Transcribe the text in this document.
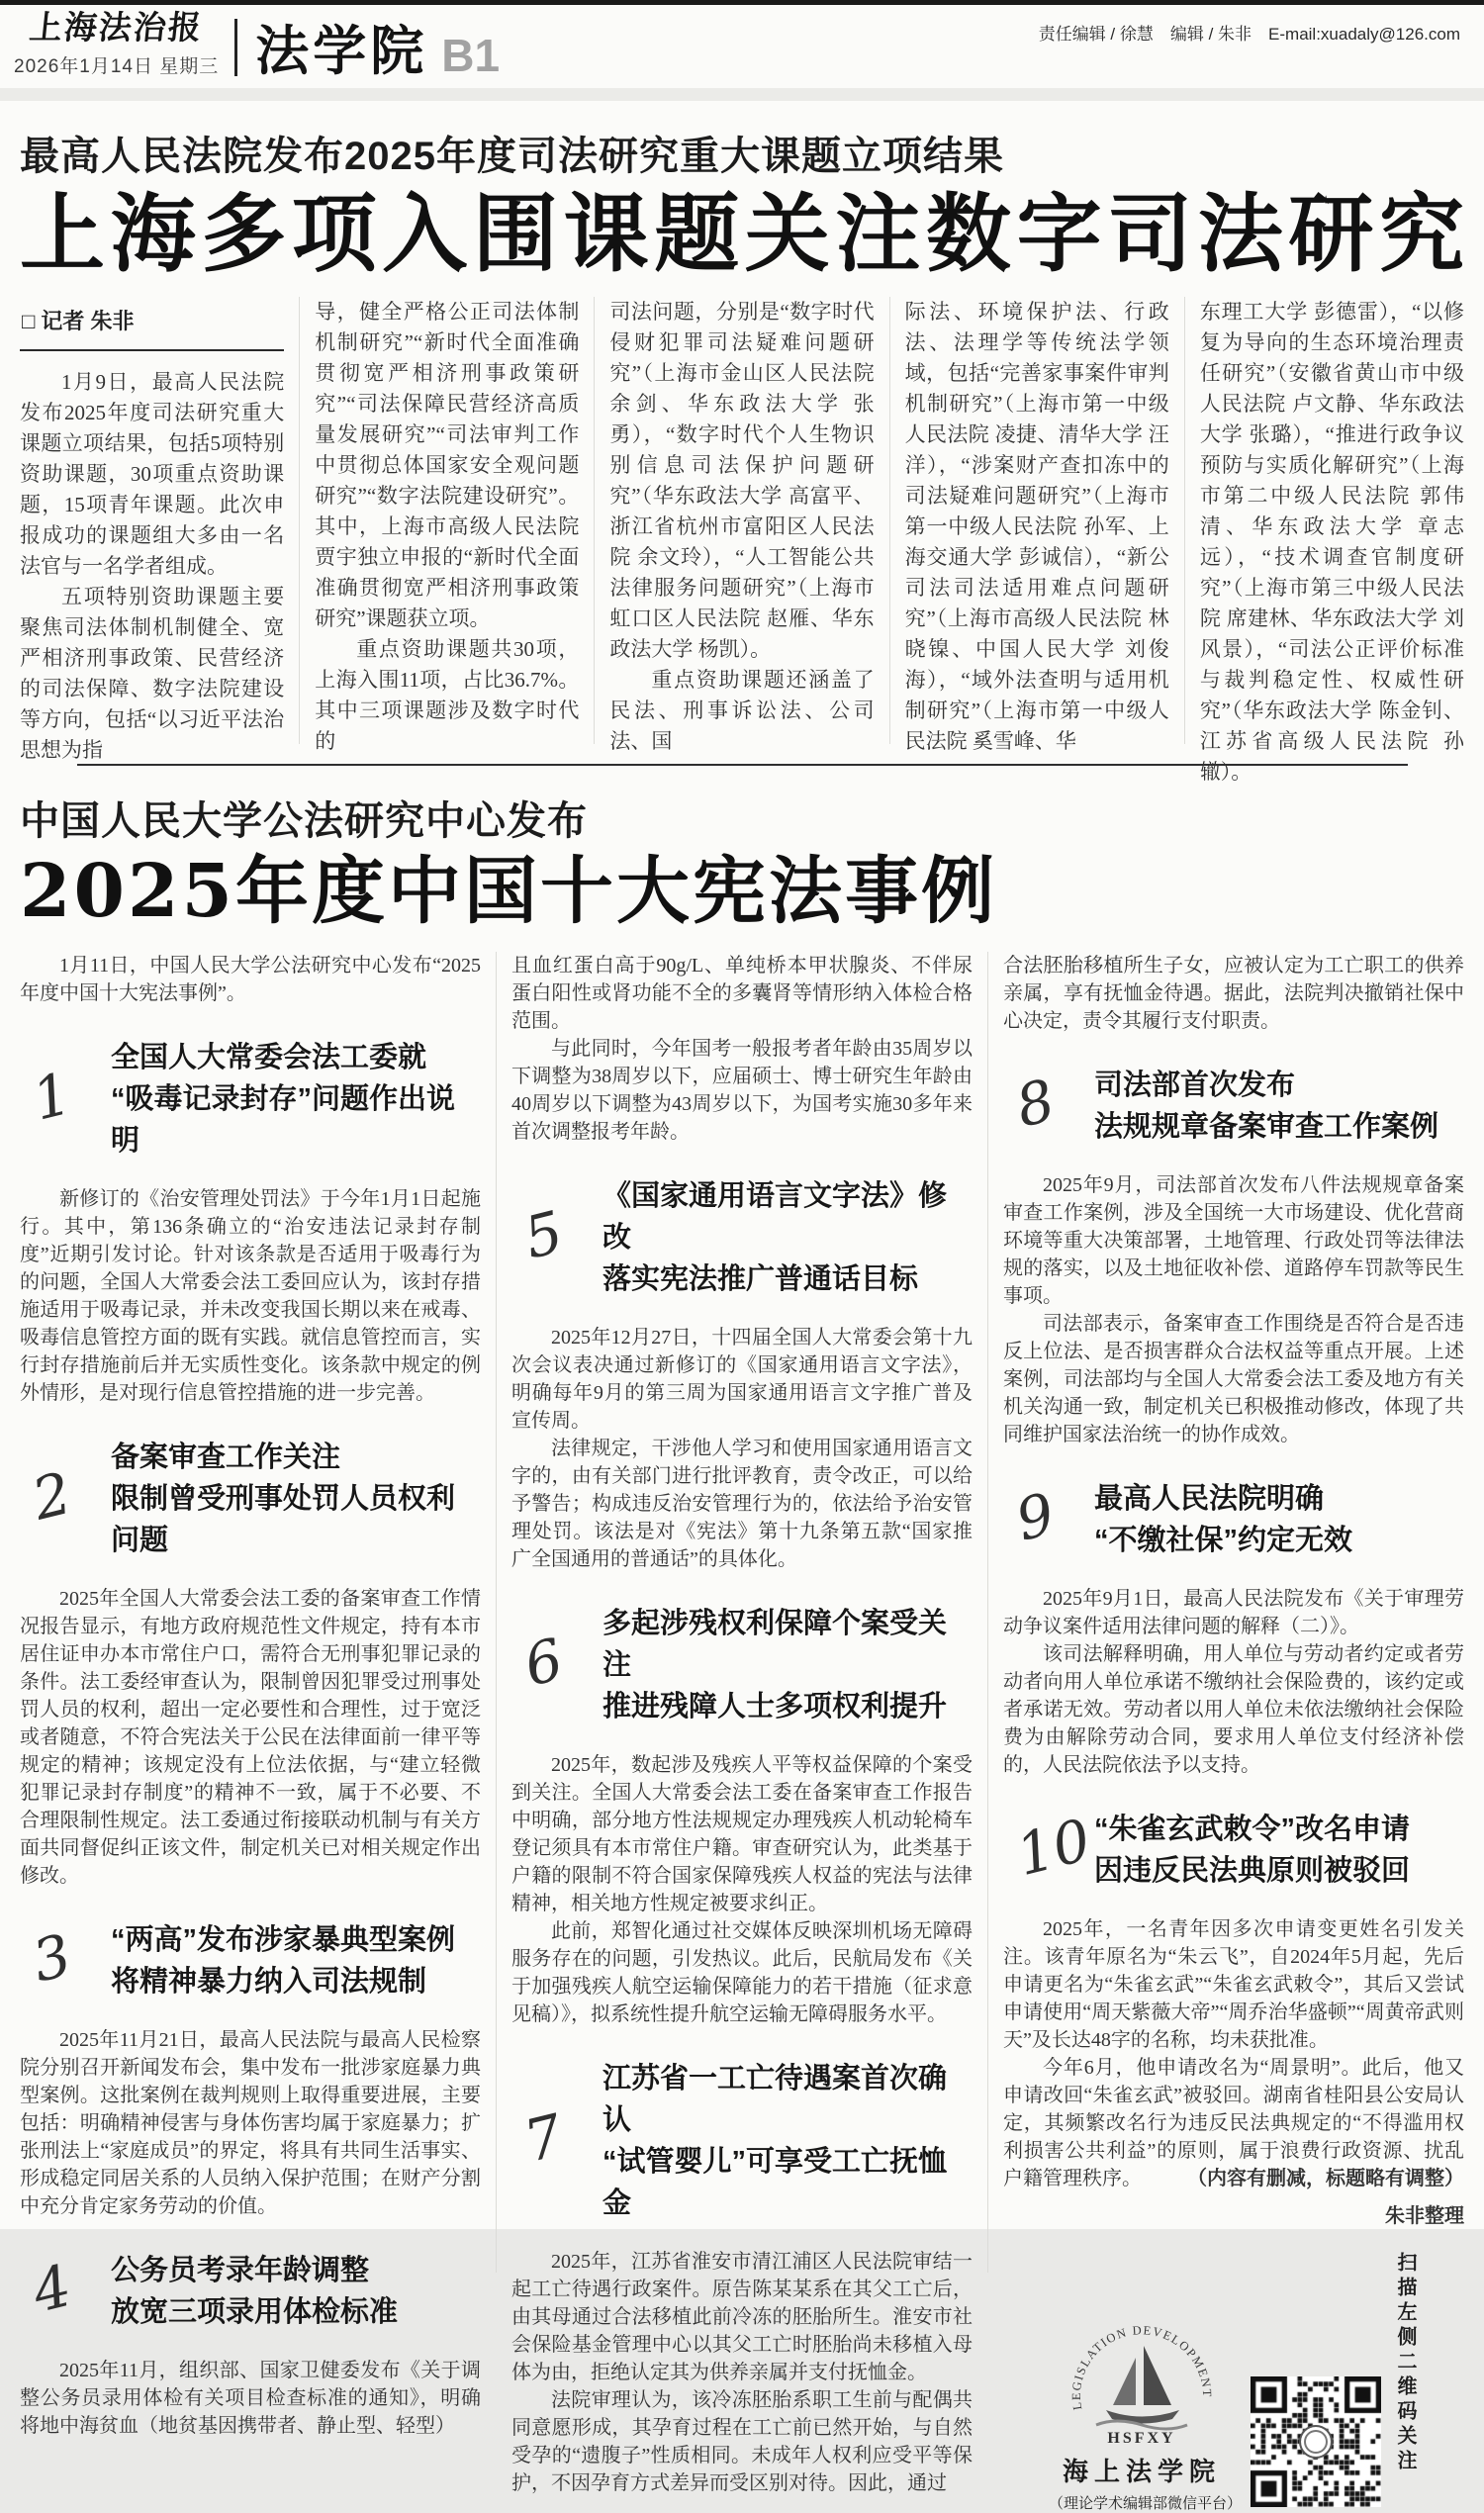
上海法治报
2026年1月14日 星期三 法学院 B1	责任编辑 / 徐慧　编辑 / 朱非　E-mail:xuadaly@126.com
最高人民法院发布2025年度司法研究重大课题立项结果
上海多项入围课题关注数字司法研究
□ 记者 朱非

1月9日，最高人民法院发布2025年度司法研究重大课题立项结果，包括5项特别资助课题，30项重点资助课题，15项青年课题。此次申报成功的课题组大多由一名法官与一名学者组成。

五项特别资助课题主要聚焦司法体制机制健全、宽严相济刑事政策、民营经济的司法保障、数字法院建设等方向，包括“以习近平法治思想为指

导，健全严格公正司法体制机制研究”“新时代全面准确贯彻宽严相济刑事政策研究”“司法保障民营经济高质量发展研究”“司法审判工作中贯彻总体国家安全观问题研究”“数字法院建设研究”。其中，上海市高级人民法院贾宇独立申报的“新时代全面准确贯彻宽严相济刑事政策研究”课题获立项。

重点资助课题共30项，上海入围11项，占比36.7%。其中三项课题涉及数字时代的

司法问题，分别是“数字时代侵财犯罪司法疑难问题研究”（上海市金山区人民法院 余剑、华东政法大学 张勇），“数字时代个人生物识别信息司法保护问题研究”（华东政法大学 高富平、浙江省杭州市富阳区人民法院 余文玲），“人工智能公共法律服务问题研究”（上海市虹口区人民法院 赵雁、华东政法大学 杨凯）。

重点资助课题还涵盖了民法、刑事诉讼法、公司法、国

际法、环境保护法、行政法、法理学等传统法学领域，包括“完善家事案件审判机制研究”（上海市第一中级人民法院 凌捷、清华大学 汪洋），“涉案财产查扣冻中的司法疑难问题研究”（上海市第一中级人民法院 孙军、上海交通大学 彭诚信），“新公司法司法适用难点问题研究”（上海市高级人民法院 林晓镍、中国人民大学 刘俊海），“域外法查明与适用机制研究”（上海市第一中级人民法院 奚雪峰、华

东理工大学 彭德雷），“以修复为导向的生态环境治理责任研究”（安徽省黄山市中级人民法院 卢文静、华东政法大学 张璐），“推进行政争议预防与实质化解研究”（上海市第二中级人民法院 郭伟清、华东政法大学 章志远），“技术调查官制度研究”（上海市第三中级人民法院 席建林、华东政法大学 刘风景），“司法公正评价标准与裁判稳定性、权威性研究”（华东政法大学 陈金钊、江苏省高级人民法院 孙辙）。

中国人民大学公法研究中心发布
2025年度中国十大宪法事例

1月11日，中国人民大学公法研究中心发布“2025年度中国十大宪法事例”。

1
全国人大常委会法工委就
“吸毒记录封存”问题作出说明

新修订的《治安管理处罚法》于今年1月1日起施行。其中，第136条确立的“治安违法记录封存制度”近期引发讨论。针对该条款是否适用于吸毒行为的问题，全国人大常委会法工委回应认为，该封存措施适用于吸毒记录，并未改变我国长期以来在戒毒、吸毒信息管控方面的既有实践。就信息管控而言，实行封存措施前后并无实质性变化。该条款中规定的例外情形，是对现行信息管控措施的进一步完善。

2
备案审查工作关注
限制曾受刑事处罚人员权利问题

2025年全国人大常委会法工委的备案审查工作情况报告显示，有地方政府规范性文件规定，持有本市居住证申办本市常住户口，需符合无刑事犯罪记录的条件。法工委经审查认为，限制曾因犯罪受过刑事处罚人员的权利，超出一定必要性和合理性，过于宽泛或者随意，不符合宪法关于公民在法律面前一律平等规定的精神；该规定没有上位法依据，与“建立轻微犯罪记录封存制度”的精神不一致，属于不必要、不合理限制性规定。法工委通过衔接联动机制与有关方面共同督促纠正该文件，制定机关已对相关规定作出修改。

3 “两高”发布涉家暴典型案例
将精神暴力纳入司法规制

2025年11月21日，最高人民法院与最高人民检察院分别召开新闻发布会，集中发布一批涉家庭暴力典型案例。这批案例在裁判规则上取得重要进展，主要包括：明确精神侵害与身体伤害均属于家庭暴力；扩张刑法上“家庭成员”的界定，将具有共同生活事实、形成稳定同居关系的人员纳入保护范围；在财产分割中充分肯定家务劳动的价值。

4 公务员考录年龄调整
放宽三项录用体检标准

2025年11月，组织部、国家卫健委发布《关于调整公务员录用体检有关项目检查标准的通知》，明确将地中海贫血（地贫基因携带者、静止型、轻型）

且血红蛋白高于90g/L、单纯桥本甲状腺炎、不伴尿蛋白阳性或肾功能不全的多囊肾等情形纳入体检合格范围。

与此同时，今年国考一般报考者年龄由35周岁以下调整为38周岁以下，应届硕士、博士研究生年龄由40周岁以下调整为43周岁以下，为国考实施30多年来首次调整报考年龄。

5
《国家通用语言文字法》修改
落实宪法推广普通话目标

2025年12月27日，十四届全国人大常委会第十九次会议表决通过新修订的《国家通用语言文字法》，明确每年9月的第三周为国家通用语言文字推广普及宣传周。

法律规定，干涉他人学习和使用国家通用语言文字的，由有关部门进行批评教育，责令改正，可以给予警告；构成违反治安管理行为的，依法给予治安管理处罚。该法是对《宪法》第十九条第五款“国家推广全国通用的普通话”的具体化。

6
多起涉残权利保障个案受关注
推进残障人士多项权利提升

2025年，数起涉及残疾人平等权益保障的个案受到关注。全国人大常委会法工委在备案审查工作报告中明确，部分地方性法规规定办理残疾人机动轮椅车登记须具有本市常住户籍。审查研究认为，此类基于户籍的限制不符合国家保障残疾人权益的宪法与法律精神，相关地方性规定被要求纠正。

此前，郑智化通过社交媒体反映深圳机场无障碍服务存在的问题，引发热议。此后，民航局发布《关于加强残疾人航空运输保障能力的若干措施（征求意见稿）》，拟系统性提升航空运输无障碍服务水平。

7
江苏省一工亡待遇案首次确认
“试管婴儿”可享受工亡抚恤金

2025年，江苏省淮安市清江浦区人民法院审结一起工亡待遇行政案件。原告陈某某系在其父工亡后，由其母通过合法移植此前冷冻的胚胎所生。淮安市社会保险基金管理中心以其父工亡时胚胎尚未移植入母体为由，拒绝认定其为供养亲属并支付抚恤金。

法院审理认为，该冷冻胚胎系职工生前与配偶共同意愿形成，其孕育过程在工亡前已然开始，与自然受孕的“遗腹子”性质相同。未成年人权利应受平等保护，不因孕育方式差异而受区别对待。因此，通过

合法胚胎移植所生子女，应被认定为工亡职工的供养亲属，享有抚恤金待遇。据此，法院判决撤销社保中心决定，责令其履行支付职责。

8 司法部首次发布
法规规章备案审查工作案例

2025年9月，司法部首次发布八件法规规章备案审查工作案例，涉及全国统一大市场建设、优化营商环境等重大决策部署，土地管理、行政处罚等法律法规的落实，以及土地征收补偿、道路停车罚款等民生事项。

司法部表示，备案审查工作围绕是否符合是否违反上位法、是否损害群众合法权益等重点开展。上述案例，司法部均与全国人大常委会法工委及地方有关机关沟通一致，制定机关已积极推动修改，体现了共同维护国家法治统一的协作成效。

9 最高人民法院明确
“不缴社保”约定无效

2025年9月1日，最高人民法院发布《关于审理劳动争议案件适用法律问题的解释（二）》。

该司法解释明确，用人单位与劳动者约定或者劳动者向用人单位承诺不缴纳社会保险费的，该约定或者承诺无效。劳动者以用人单位未依法缴纳社会保险费为由解除劳动合同，要求用人单位支付经济补偿的，人民法院依法予以支持。

10
“朱雀玄武敕令”改名申请
因违反民法典原则被驳回

2025年，一名青年因多次申请变更姓名引发关注。该青年原名为“朱云飞”，自2024年5月起，先后申请更名为“朱雀玄武”“朱雀玄武敕令”，其后又尝试申请使用“周天紫薇大帝”“周乔治华盛顿”“周黄帝武则天”及长达48字的名称，均未获批准。

今年6月，他申请改名为“周景明”。此后，他又申请改回“朱雀玄武”被驳回。湖南省桂阳县公安局认定，其频繁改名行为违反民法典规定的“不得滥用权利损害公共利益”的原则，属于浪费行政资源、扰乱户籍管理秩序。	（内容有删减，标题略有调整）

朱非整理

LEGISLATION DEVELOPMENT
HSFXY
海上法学院
（理论学术编辑部微信平台）
扫描左侧二维码关注
